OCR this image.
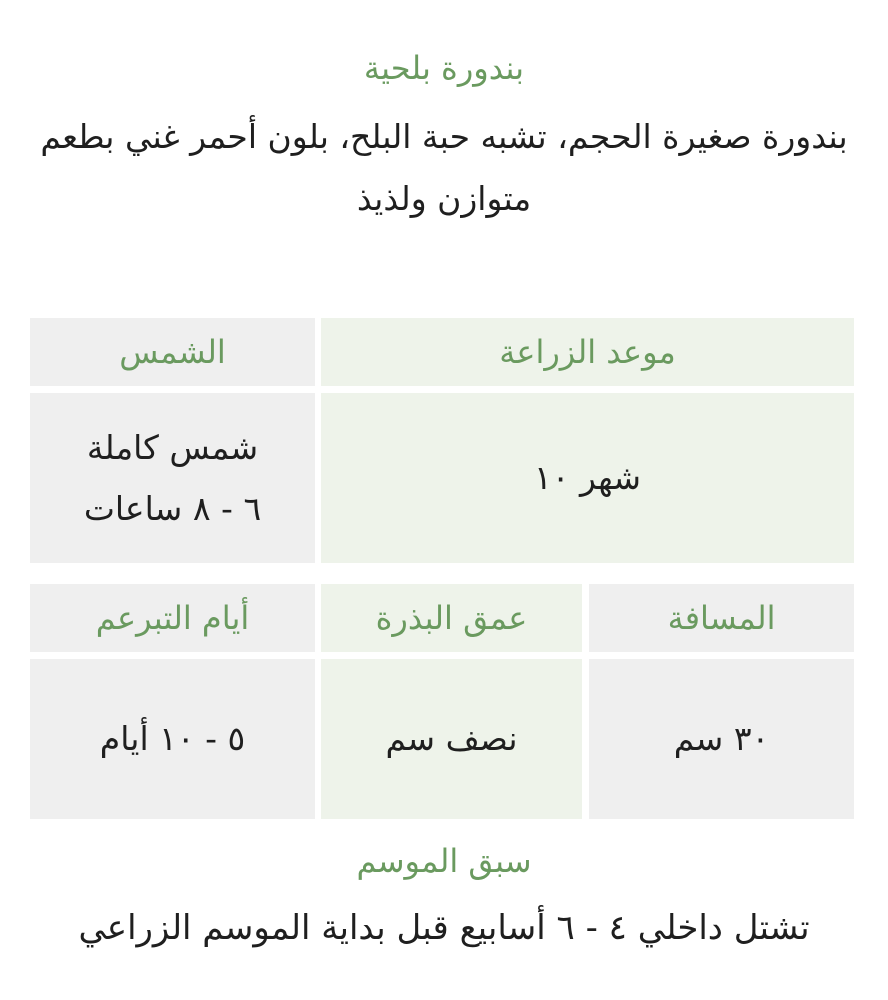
بندورة بلحية
بندورة صغيرة الحجم، تشبه حبة البلح، بلون أحمر غني بطعم متوازن ولذيذ
موعد الزراعة
الشمس
شهر ١٠
شمس كاملة
٦ - ٨ ساعات
المسافة
عمق البذرة
أيام التبرعم
٣٠ سم
نصف سم
٥ - ١٠ أيام
سبق الموسم
تشتل داخلي ٤ - ٦ أسابيع قبل بداية الموسم الزراعي
